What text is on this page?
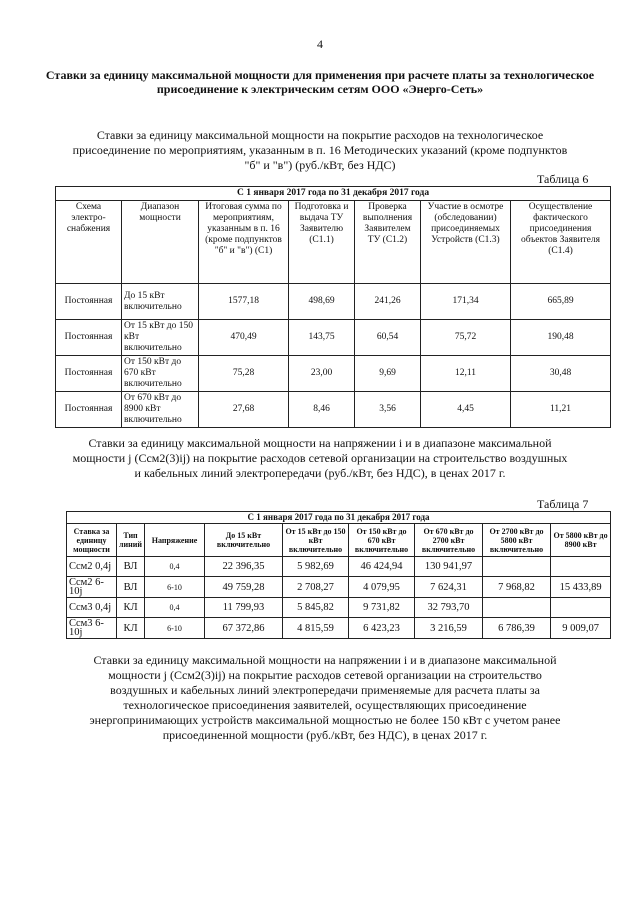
4
Ставки за единицу максимальной мощности для применения при расчете платы за технологическое присоединение к электрическим сетям ООО «Энерго-Сеть»
Ставки за единицу максимальной мощности на покрытие расходов на технологическое присоединение по мероприятиям, указанным в п. 16 Методических указаний (кроме подпунктов "б" и "в") (руб./кВт, без НДС)
Таблица 6
С 1 января 2017 года по 31 декабря 2017 года						
Схема электро-снабжения	Диапазон мощности	Итоговая сумма по мероприятиям, указанным в п. 16 (кроме подпунктов "б" и "в") (C1)	Подготовка и выдача ТУ Заявителю (C1.1)	Проверка выполнения Заявителем ТУ (C1.2)	Участие в осмотре (обследовании) присоединяемых Устройств (C1.3)	Осуществление фактического присоединения объектов Заявителя (C1.4)
Постоянная	До 15 кВт включительно	1577,18	498,69	241,26	171,34	665,89
Постоянная	От 15 кВт до 150 кВт включительно	470,49	143,75	60,54	75,72	190,48
Постоянная	От 150 кВт до 670 кВт включительно	75,28	23,00	9,69	12,11	30,48
Постоянная	От 670 кВт до 8900 кВт включительно	27,68	8,46	3,56	4,45	11,21
Ставки за единицу максимальной мощности на напряжении i и в диапазоне максимальной мощности j (Cсм2(3)ij) на покрытие расходов сетевой организации на строительство воздушных и кабельных линий электропередачи (руб./кВт, без НДС), в ценах 2017 г.
Таблица 7
С 1 января 2017 года по 31 декабря 2017 года								
Ставка за единицу мощности	Тип линий	Напряжение	До 15 кВт включительно	От 15 кВт до 150 кВт включительно	От 150 кВт до 670 кВт включительно	От 670 кВт до 2700 кВт включительно	От 2700 кВт до 5800 кВт включительно	От 5800 кВт до 8900 кВт
Cсм2 0,4j	ВЛ	0,4	22 396,35	5 982,69	46 424,94	130 941,97		
Cсм2 6-10j	ВЛ	6-10	49 759,28	2 708,27	4 079,95	7 624,31	7 968,82	15 433,89
Cсм3 0,4j	КЛ	0,4	11 799,93	5 845,82	9 731,82	32 793,70		
Cсм3 6-10j	КЛ	6-10	67 372,86	4 815,59	6 423,23	3 216,59	6 786,39	9 009,07
Ставки за единицу максимальной мощности на напряжении i и в диапазоне максимальной мощности j (Cсм2(3)ij) на покрытие расходов сетевой организации на строительство воздушных и кабельных линий электропередачи применяемые для расчета платы за технологическое присоединения заявителей, осуществляющих присоединение энергопринимающих устройств максимальной мощностью не более 150 кВт с учетом ранее присоединенной мощности (руб./кВт, без НДС), в ценах 2017 г.
